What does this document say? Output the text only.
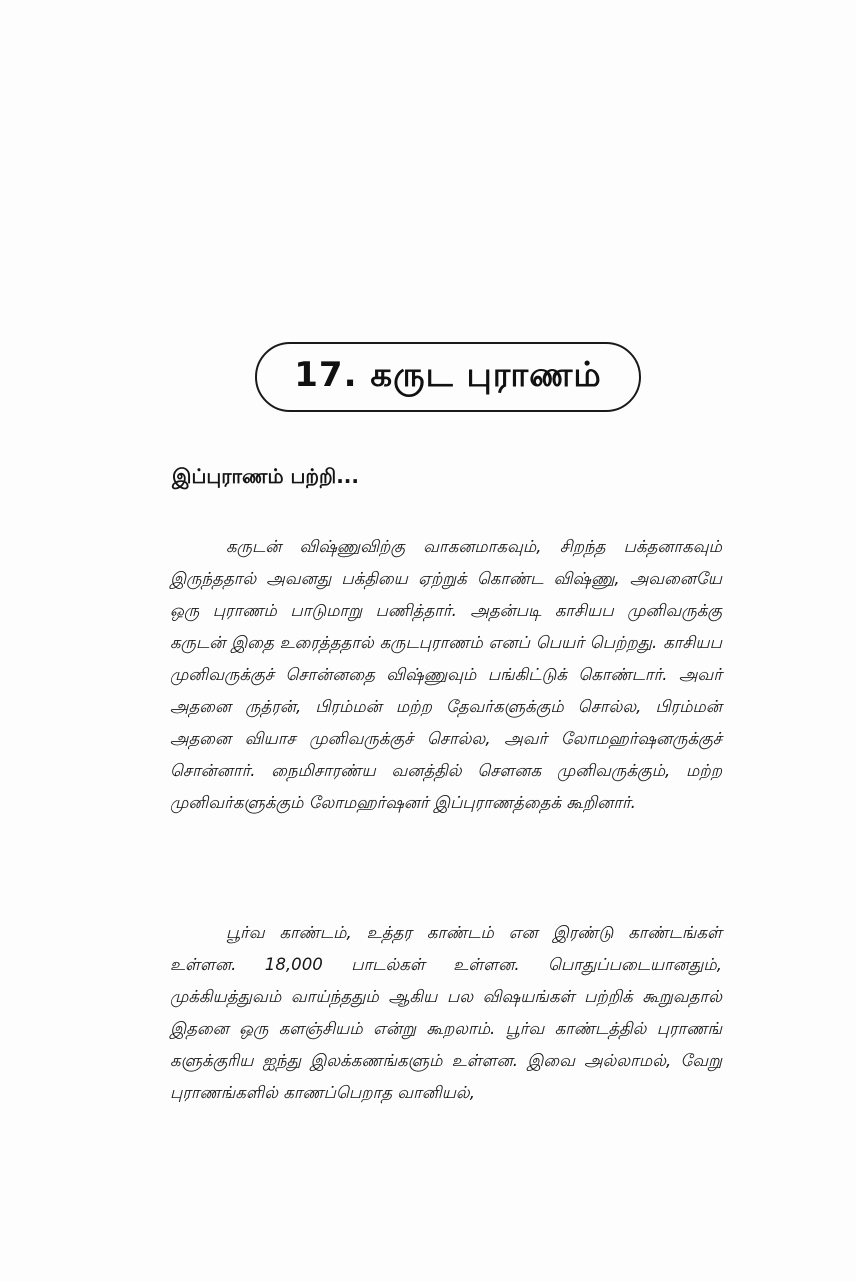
17. கருட புராணம்
இப்புராணம் பற்றி...

கருடன் விஷ்ணுவிற்கு வாகனமாகவும், சிறந்த பக்தனாகவும் இருந்ததால் அவனது பக்தியை ஏற்றுக் கொண்ட விஷ்ணு, அவனையே ஒரு புராணம் பாடுமாறு பணித்தார். அதன்படி காசியப முனிவருக்கு கருடன் இதை உரைத்ததால் கருடபுராணம் எனப் பெயர் பெற்றது. காசியப முனிவருக்குச் சொன்னதை விஷ்ணுவும் பங்கிட்டுக் கொண்டார். அவர் அதனை ருத்ரன், பிரம்மன் மற்ற தேவர்களுக்கும் சொல்ல, பிரம்மன் அதனை வியாச முனிவருக்குச் சொல்ல, அவர் லோமஹர்ஷனருக்குச் சொன்னார். நைமிசாரண்ய வனத்தில் சௌனக முனிவருக்கும், மற்ற முனிவர்களுக்கும் லோமஹர்ஷனர் இப்புராணத்தைக் கூறினார்.

பூர்வ காண்டம், உத்தர காண்டம் என இரண்டு காண்டங்கள் உள்ளன. 18,000 பாடல்கள் உள்ளன. பொதுப்படையானதும், முக்கியத்துவம் வாய்ந்ததும் ஆகிய பல விஷயங்கள் பற்றிக் கூறுவதால் இதனை ஒரு களஞ்சியம் என்று கூறலாம். பூர்வ காண்டத்தில் புராணங் களுக்குரிய ஐந்து இலக்கணங்களும் உள்ளன. இவை அல்லாமல், வேறு புராணங்களில் காணப்பெறாத வானியல்,
